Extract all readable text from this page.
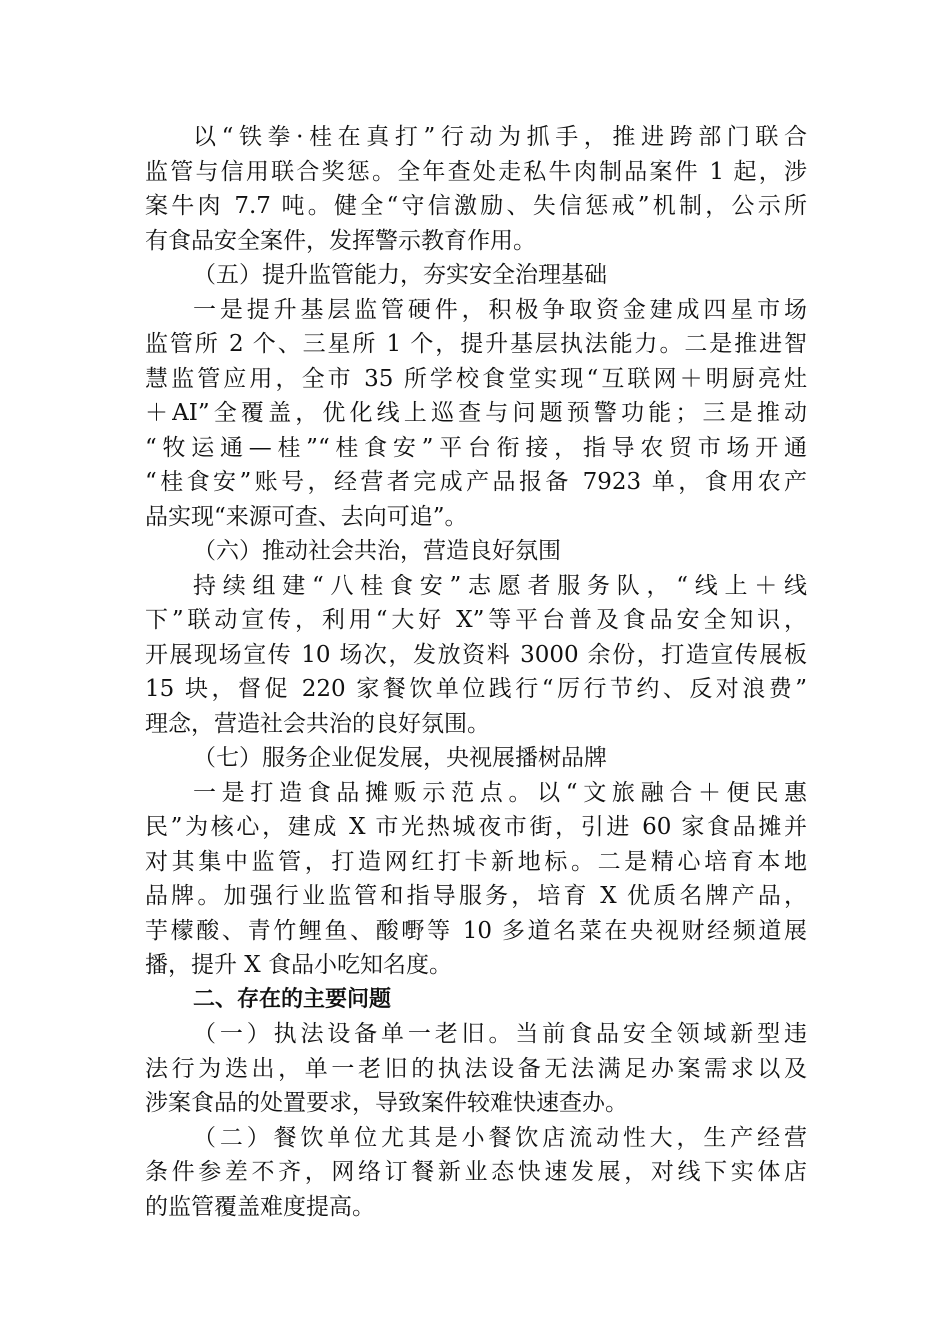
以“铁拳·桂在真打”行动为抓手，推进跨部门联合
监管与信用联合奖惩。全年查处走私牛肉制品案件 1 起，涉
案牛肉 7.7 吨。健全“守信激励、失信惩戒”机制，公示所
有食品安全案件，发挥警示教育作用。
（五）提升监管能力，夯实安全治理基础
一是提升基层监管硬件，积极争取资金建成四星市场
监管所 2 个、三星所 1 个，提升基层执法能力。二是推进智
慧监管应用，全市 35 所学校食堂实现“互联网＋明厨亮灶
＋AI”全覆盖，优化线上巡查与问题预警功能；三是推动
“牧运通—桂”“桂食安”平台衔接，指导农贸市场开通
“桂食安”账号，经营者完成产品报备 7923 单，食用农产
品实现“来源可查、去向可追”。
（六）推动社会共治，营造良好氛围
持续组建“八桂食安”志愿者服务队，“线上＋线
下”联动宣传，利用“大好 X”等平台普及食品安全知识，
开展现场宣传 10 场次，发放资料 3000 余份，打造宣传展板
15 块，督促 220 家餐饮单位践行“厉行节约、反对浪费”
理念，营造社会共治的良好氛围。
（七）服务企业促发展，央视展播树品牌
一是打造食品摊贩示范点。以“文旅融合＋便民惠
民”为核心，建成 X 市光热城夜市街，引进 60 家食品摊并
对其集中监管，打造网红打卡新地标。二是精心培育本地
品牌。加强行业监管和指导服务，培育 X 优质名牌产品，
芋檬酸、青竹鲤鱼、酸嘢等 10 多道名菜在央视财经频道展
播，提升 X 食品小吃知名度。
二、存在的主要问题
（一）执法设备单一老旧。当前食品安全领域新型违
法行为迭出，单一老旧的执法设备无法满足办案需求以及
涉案食品的处置要求，导致案件较难快速查办。
（二）餐饮单位尤其是小餐饮店流动性大，生产经营
条件参差不齐，网络订餐新业态快速发展，对线下实体店
的监管覆盖难度提高。
